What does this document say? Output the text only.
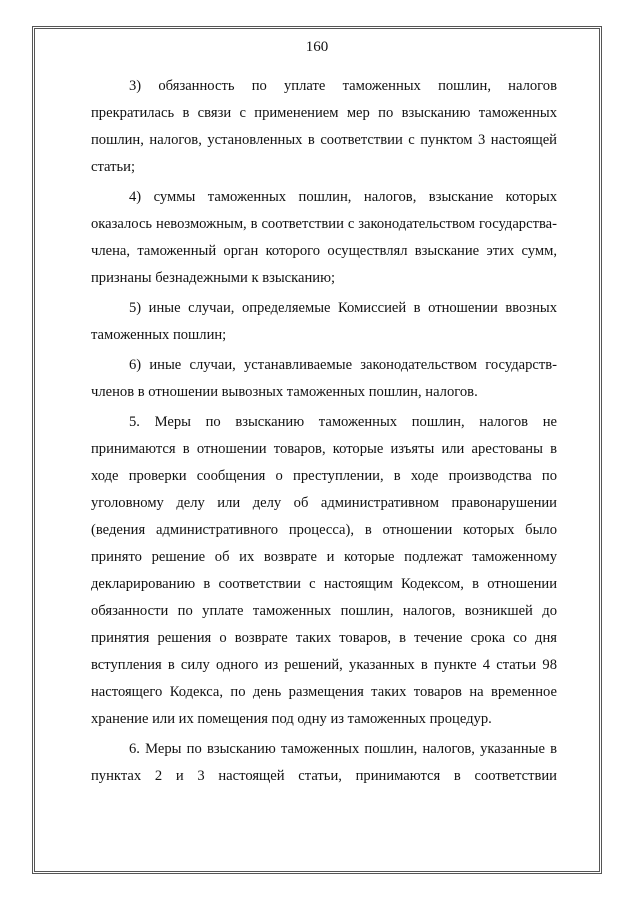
160

3) обязанность по уплате таможенных пошлин, налогов прекратилась в связи с применением мер по взысканию таможенных пошлин, налогов, установленных в соответствии с пунктом 3 настоящей статьи;

4) суммы таможенных пошлин, налогов, взыскание которых оказалось невозможным, в соответствии с законодательством государства-члена, таможенный орган которого осуществлял взыскание этих сумм, признаны безнадежными к взысканию;

5) иные случаи, определяемые Комиссией в отношении ввозных таможенных пошлин;

6) иные случаи, устанавливаемые законодательством государств-членов в отношении вывозных таможенных пошлин, налогов.

5. Меры по взысканию таможенных пошлин, налогов не принимаются в отношении товаров, которые изъяты или арестованы в ходе проверки сообщения о преступлении, в ходе производства по уголовному делу или делу об административном правонарушении (ведения административного процесса), в отношении которых было принято решение об их возврате и которые подлежат таможенному декларированию в соответствии с настоящим Кодексом, в отношении обязанности по уплате таможенных пошлин, налогов, возникшей до принятия решения о возврате таких товаров, в течение срока со дня вступления в силу одного из решений, указанных в пункте 4 статьи 98 настоящего Кодекса, по день размещения таких товаров на временное хранение или их помещения под одну из таможенных процедур.

6. Меры по взысканию таможенных пошлин, налогов, указанные в пунктах 2 и 3 настоящей статьи, принимаются в соответствии
